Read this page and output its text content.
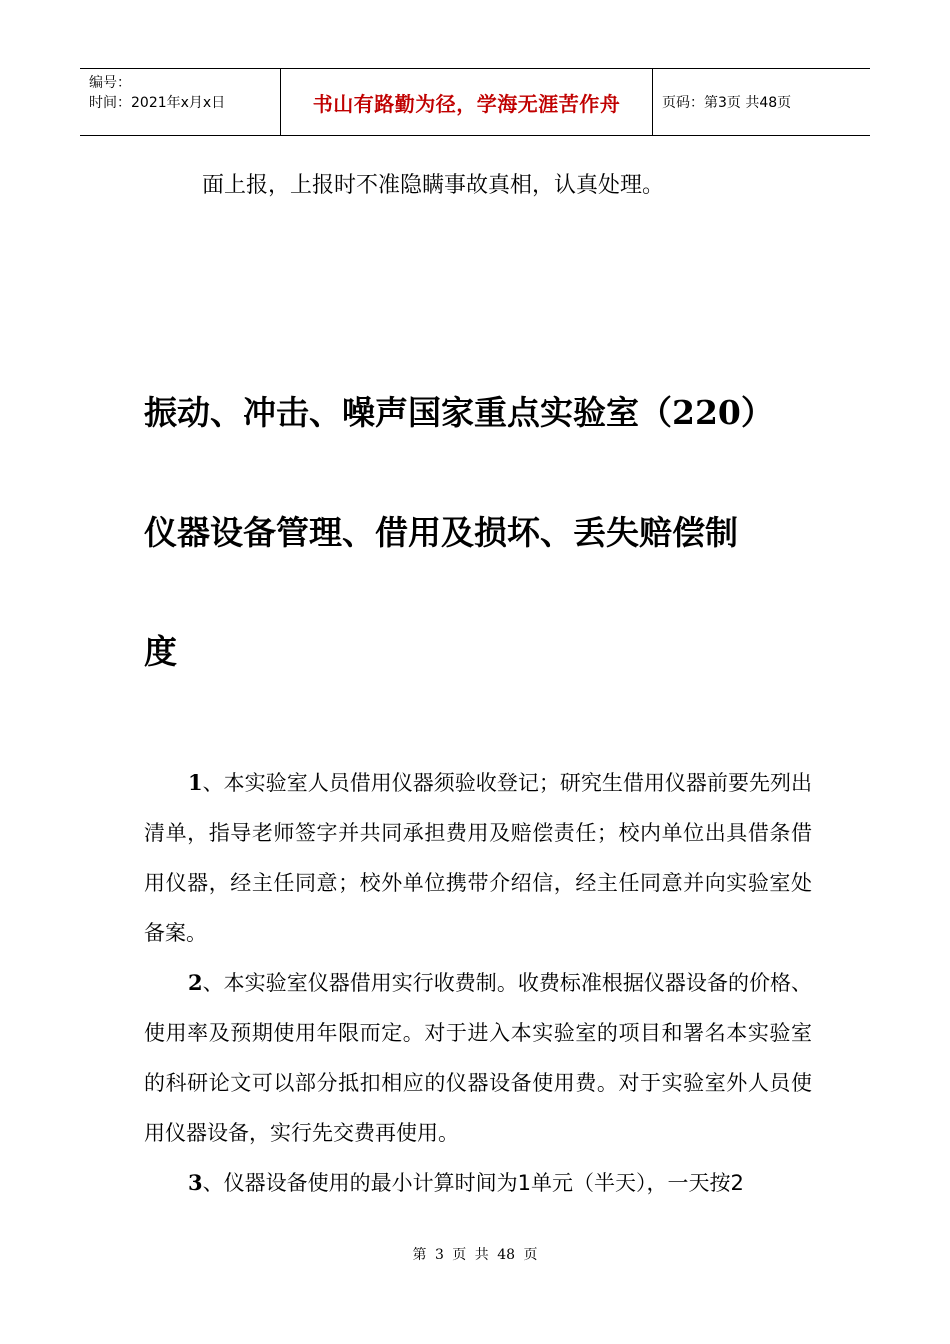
编号：
时间：2021年x月x日	书山有路勤为径，学海无涯苦作舟	页码：第3页 共48页
面上报，上报时不准隐瞒事故真相，认真处理。
振动、冲击、噪声国家重点实验室（220）
仪器设备管理、借用及损坏、丢失赔偿制
度

1、本实验室人员借用仪器须验收登记；研究生借用仪器前要先列出清单，指导老师签字并共同承担费用及赔偿责任；校内单位出具借条借用仪器，经主任同意；校外单位携带介绍信，经主任同意并向实验室处备案。

2、本实验室仪器借用实行收费制。收费标准根据仪器设备的价格、使用率及预期使用年限而定。对于进入本实验室的项目和署名本实验室的科研论文可以部分抵扣相应的仪器设备使用费。对于实验室外人员使用仪器设备，实行先交费再使用。

3、仪器设备使用的最小计算时间为1单元（半天），一天按2

第 3 页 共 48 页
